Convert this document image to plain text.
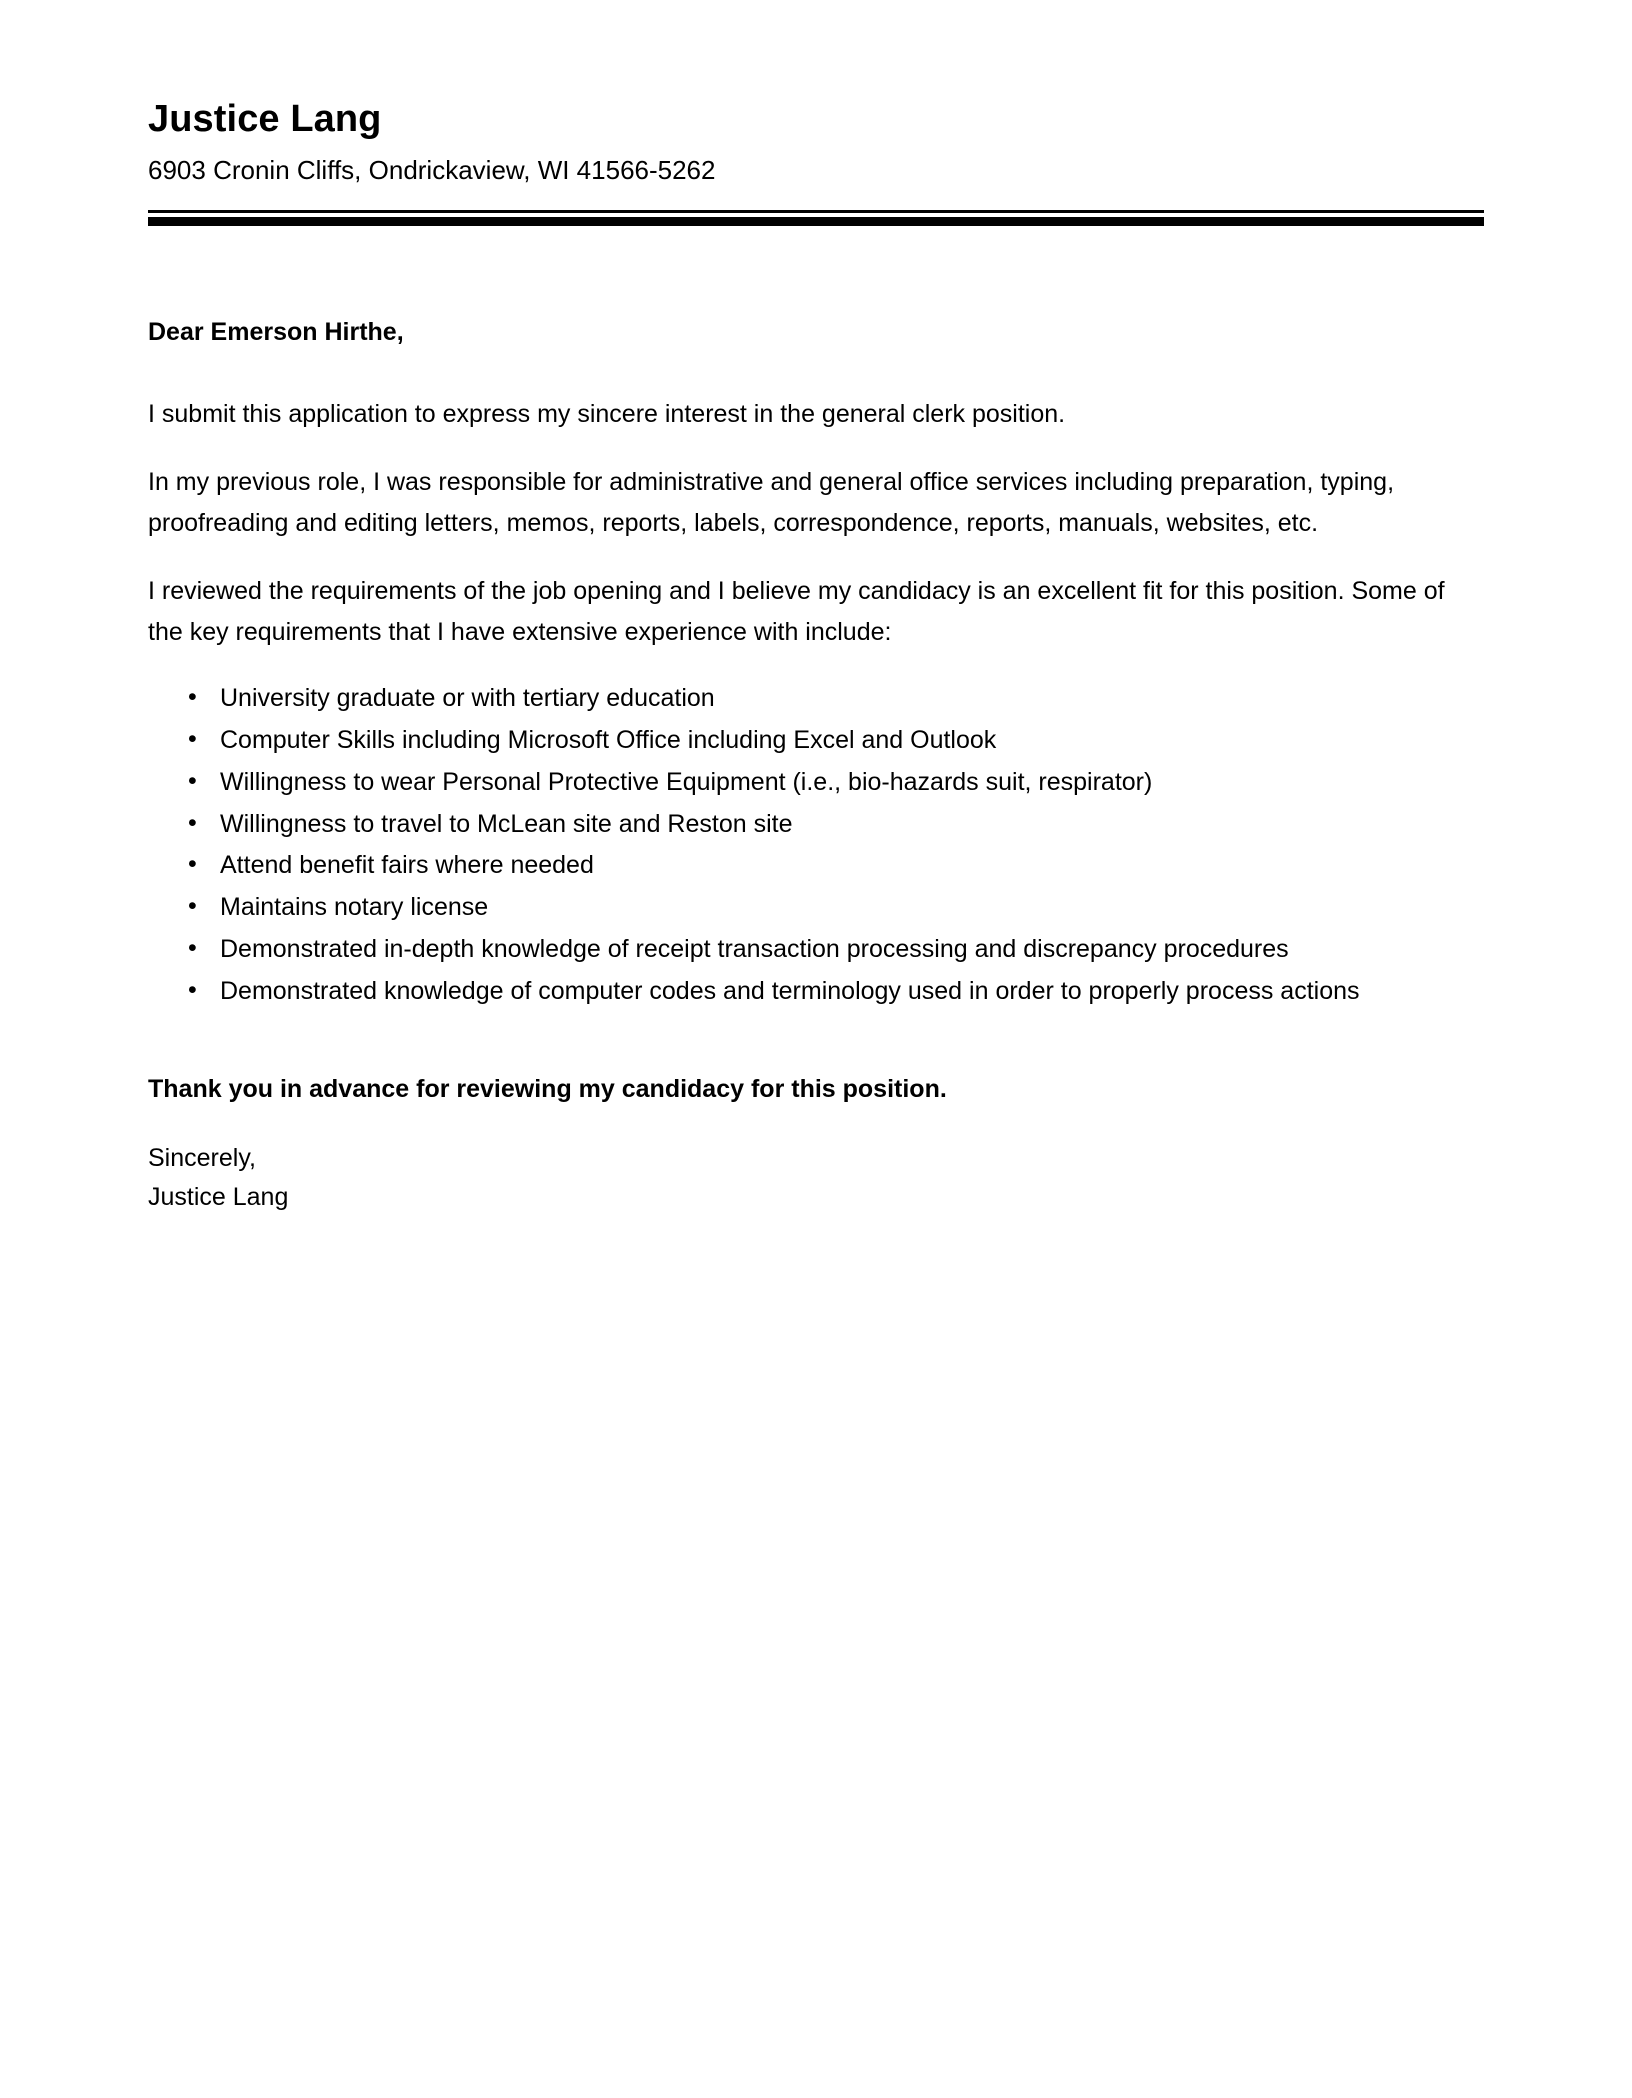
Justice Lang
6903 Cronin Cliffs, Ondrickaview, WI 41566-5262
Dear Emerson Hirthe,

I submit this application to express my sincere interest in the general clerk position.

In my previous role, I was responsible for administrative and general office services including preparation, typing, proofreading and editing letters, memos, reports, labels, correspondence, reports, manuals, websites, etc.

I reviewed the requirements of the job opening and I believe my candidacy is an excellent fit for this position. Some of the key requirements that I have extensive experience with include:

• University graduate or with tertiary education
• Computer Skills including Microsoft Office including Excel and Outlook
• Willingness to wear Personal Protective Equipment (i.e., bio-hazards suit, respirator)
• Willingness to travel to McLean site and Reston site
• Attend benefit fairs where needed
• Maintains notary license
• Demonstrated in-depth knowledge of receipt transaction processing and discrepancy procedures
• Demonstrated knowledge of computer codes and terminology used in order to properly process actions
Thank you in advance for reviewing my candidacy for this position.
Sincerely,
Justice Lang
